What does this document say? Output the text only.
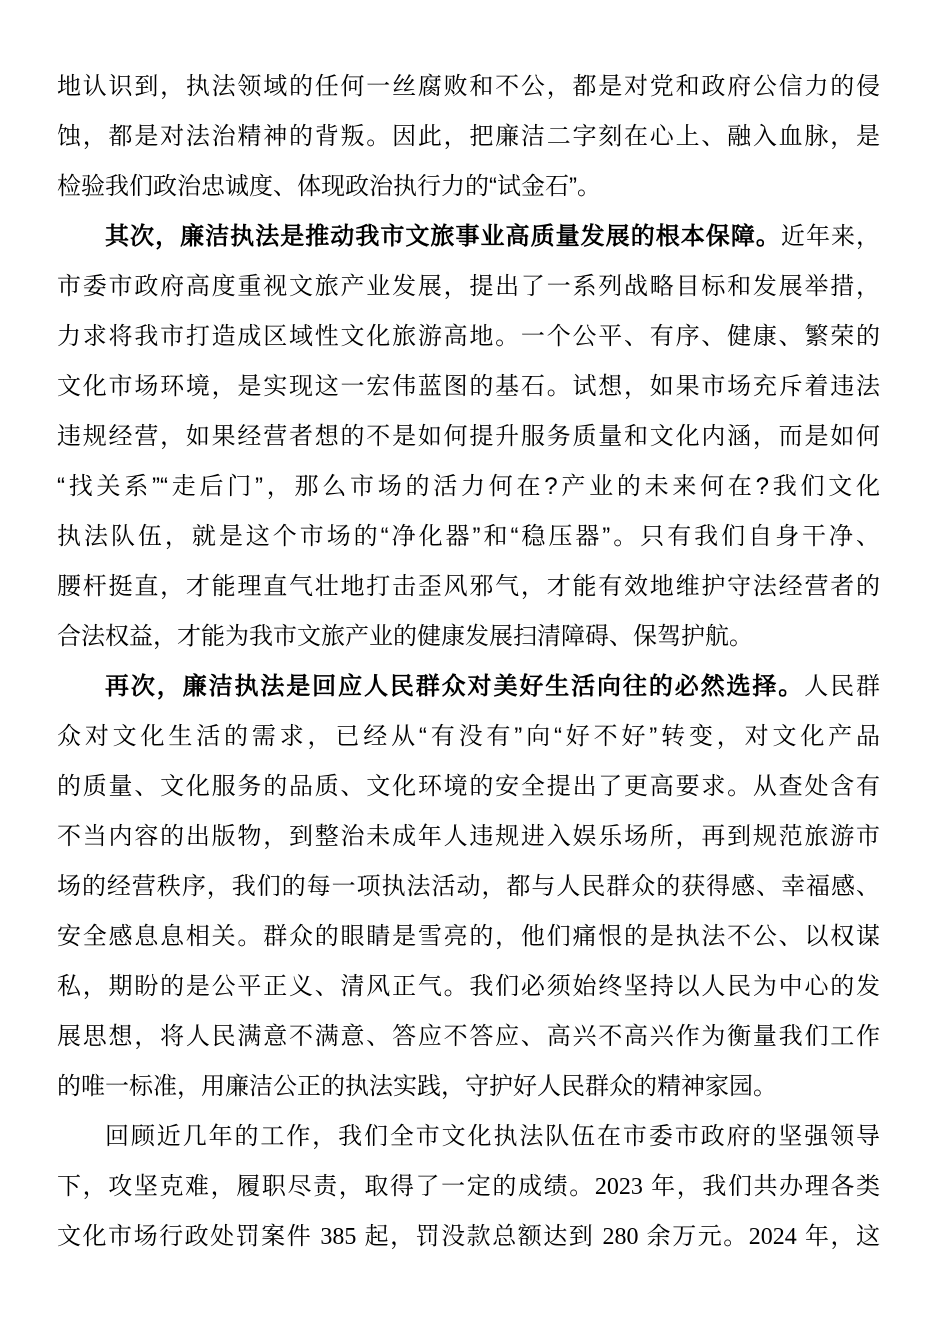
地认识到，执法领域的任何一丝腐败和不公，都是对党和政府公信力的侵
蚀，都是对法治精神的背叛。因此，把廉洁二字刻在心上、融入血脉，是
检验我们政治忠诚度、体现政治执行力的“试金石”。
其次，廉洁执法是推动我市文旅事业高质量发展的根本保障。近年来，
市委市政府高度重视文旅产业发展，提出了一系列战略目标和发展举措，
力求将我市打造成区域性文化旅游高地。一个公平、有序、健康、繁荣的
文化市场环境，是实现这一宏伟蓝图的基石。试想，如果市场充斥着违法
违规经营，如果经营者想的不是如何提升服务质量和文化内涵，而是如何
“找关系”“走后门”，那么市场的活力何在?产业的未来何在?我们文化
执法队伍，就是这个市场的“净化器”和“稳压器”。只有我们自身干净、
腰杆挺直，才能理直气壮地打击歪风邪气，才能有效地维护守法经营者的
合法权益，才能为我市文旅产业的健康发展扫清障碍、保驾护航。
再次，廉洁执法是回应人民群众对美好生活向往的必然选择。人民群
众对文化生活的需求，已经从“有没有”向“好不好”转变，对文化产品
的质量、文化服务的品质、文化环境的安全提出了更高要求。从查处含有
不当内容的出版物，到整治未成年人违规进入娱乐场所，再到规范旅游市
场的经营秩序，我们的每一项执法活动，都与人民群众的获得感、幸福感、
安全感息息相关。群众的眼睛是雪亮的，他们痛恨的是执法不公、以权谋
私，期盼的是公平正义、清风正气。我们必须始终坚持以人民为中心的发
展思想，将人民满意不满意、答应不答应、高兴不高兴作为衡量我们工作
的唯一标准，用廉洁公正的执法实践，守护好人民群众的精神家园。
回顾近几年的工作，我们全市文化执法队伍在市委市政府的坚强领导
下，攻坚克难，履职尽责，取得了一定的成绩。2023 年，我们共办理各类
文化市场行政处罚案件 385 起，罚没款总额达到 280 余万元。2024 年，这
